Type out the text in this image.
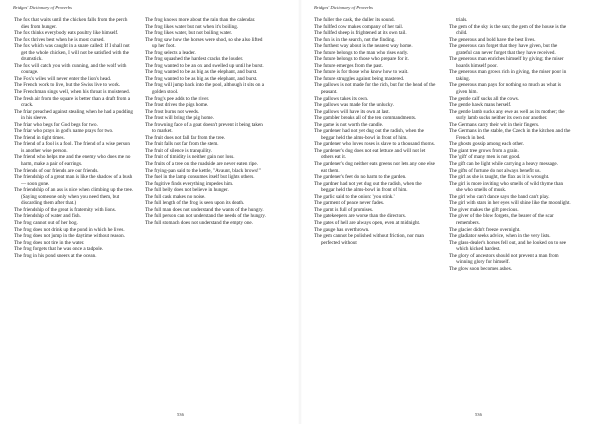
Bridges' Dictionary of Proverbs
The fox that waits until the chicken falls from the perch dies from hunger.
The fox thinks everybody eats poultry like himself.
The fox thrives best when he is most cursed.
The fox which was caught in a snare called: If I shall not get the whole chicken, I will not be satisfied with the drumstick.
The fox will catch you with cunning, and the wolf with courage.
The Fox's wiles will never enter the lion's head.
The French work to live, but the Swiss live to work.
The Frenchman sings well, when his throat is moistened.
The fresh air from the square is better than a draft from a crack.
The friar preached against stealing when he had a pudding in his sleeve.
The friar who begs for God begs for two.
The friar who prays in god's name prays for two.
The friend in tight times.
The friend of a fool is a fool. The friend of a wise person is another wise person.
The friend who helps me and the enemy who does me no harm, make a pair of earrings.
The friends of our friends are our friends.
The friendship of a great man is like the shadow of a bush — soon gone.
The friendship of an ass is nice when climbing up the tree. (Saying someone only when you need them, but discarding them after that.)
The friendship of the great is fraternity with lions.
The friendship of water and fish.
The frog cannot out of her bog.
The frog does not drink up the pond in which he lives.
The frog does not jump in the daytime without reason.
The frog does not tire in the water.
The frog forgets that he was once a tadpole.
The frog in his pond sneers at the ocean.
The frog knows more about the rain than the calendar.
The frog likes water but not when it's boiling.
The frog likes water, but not boiling water.
The frog saw how the horses were shod, so she also lifted up her foot.
The frog selects a leader.
The frog squashed the hardest cracks the louder.
The frog wanted to be an ox and swelled up until he burst.
The frog wanted to be as big as the elephant, and burst.
The frog wanted to be as big as the elephant, and burst.
The frog will jump back into the pool, although it sits on a golden stool.
The frog's pee adds to the river.
The frost drives the pigs home.
The frost burns not weeds.
The frost will bring the pig home.
The frowning face of a goat doesn't prevent it being taken to market.
The fruit does not fall far from the tree.
The fruit falls not far from the stem.
The fruit of silence is tranquility.
The fruit of timidity is neither gain nor loss.
The fruits of a tree on the roadside are never eaten ripe.
The frying-pan said to the kettle, "Avaunt, black brows!"
The fuel in the lamp consumes itself but lights others.
The fugitive finds everything impedes him.
The full belly does not believe in hunger.
The full cask makes no noise.
The full length of the frog is seen upon its death.
The full man does not understand the wants of the hungry.
The full person can not understand the needs of the hungry.
The full stomach does not understand the empty one.
536
Bridges' Dictionary of Proverbs
The fuller the cask, the duller its sound.
The fullfed cow makes company of her tail.
The fullfed sheep is frightened at its own tail.
The fun is in the search, not the finding.
The furthest way about is the nearest way home.
The future belongs to the man who rises early.
The future belongs to those who prepare for it.
The future emerges from the past.
The future is for those who know how to wait.
The future struggles against being mastered.
The gallows is not made for the rich, but for the head of the peasant.
The gallows takes its own.
The gallows was made for the unlucky.
The gallows will have its own at last.
The gambler breaks all of the ten commandments.
The game is not worth the candle.
The gardener had not yet dug out the radish, when the beggar held the alms-bowl in front of him.
The gardener who loves roses is slave to a thousand thorns.
The gardener's dog does not eat lettuce and will not let others eat it.
The gardener's dog neither eats greens nor lets any one else eat them.
The gardener's feet do no harm to the garden.
The gardner had not yet dug out the radish, when the beggar held the alms-bowl in front of him.
The garlic said to the onion: 'you stink.'
The garment of peace never fades.
The garnt is full of promises.
The gatekeepers are worse than the directors.
The gates of hell are always open, even at midnight.
The gauge has overthrown.
The gem cannot be polished without friction, nor man perfected without
trials.
The gem of the sky is the sun; the gem of the house is the child.
The generous and bold have the best lives.
The generous can forget that they have given, but the grateful can never forget that they have received.
The generous man enriches himself by giving; the miser hoards himself poor.
The generous man grows rich in giving, the miser poor in taking.
The generous man pays for nothing so much as what is given him.
The gentle calf sucks all the cows.
The gentle hawk mans herself.
The gentle lamb sucks any ewe as well as its mother; the surly lamb sucks neither its own nor another.
The Germans carry their wit in their fingers.
The Germans in the stable, the Czech in the kitchen and the French in bed.
The ghosts gossip among each other.
The giant tree grows from a grain.
The 'gift' of many men is not good.
The gift can be light while carrying a heavy message.
The gifts of fortune do not always benefit us.
The girl as she is taught, the flax as it is wrought.
The girl is more inviting who smells of wild thyme than she who smells of musk.
The girl who can't dance says the band can't play.
The girl with stars in her eyes will shine like the moonlight.
The giver makes the gift precious.
The giver of the blow forgets, the bearer of the scar remembers.
The glacier didn't freeze overnight.
The gladiator seeks advice, when in the very lists.
The glass-dealer's horses fell out, and he looked on to see which kicked hardest.
The glory of ancestors should not prevent a man from winning glory for himself.
The glow soon becomes ashes.
536
